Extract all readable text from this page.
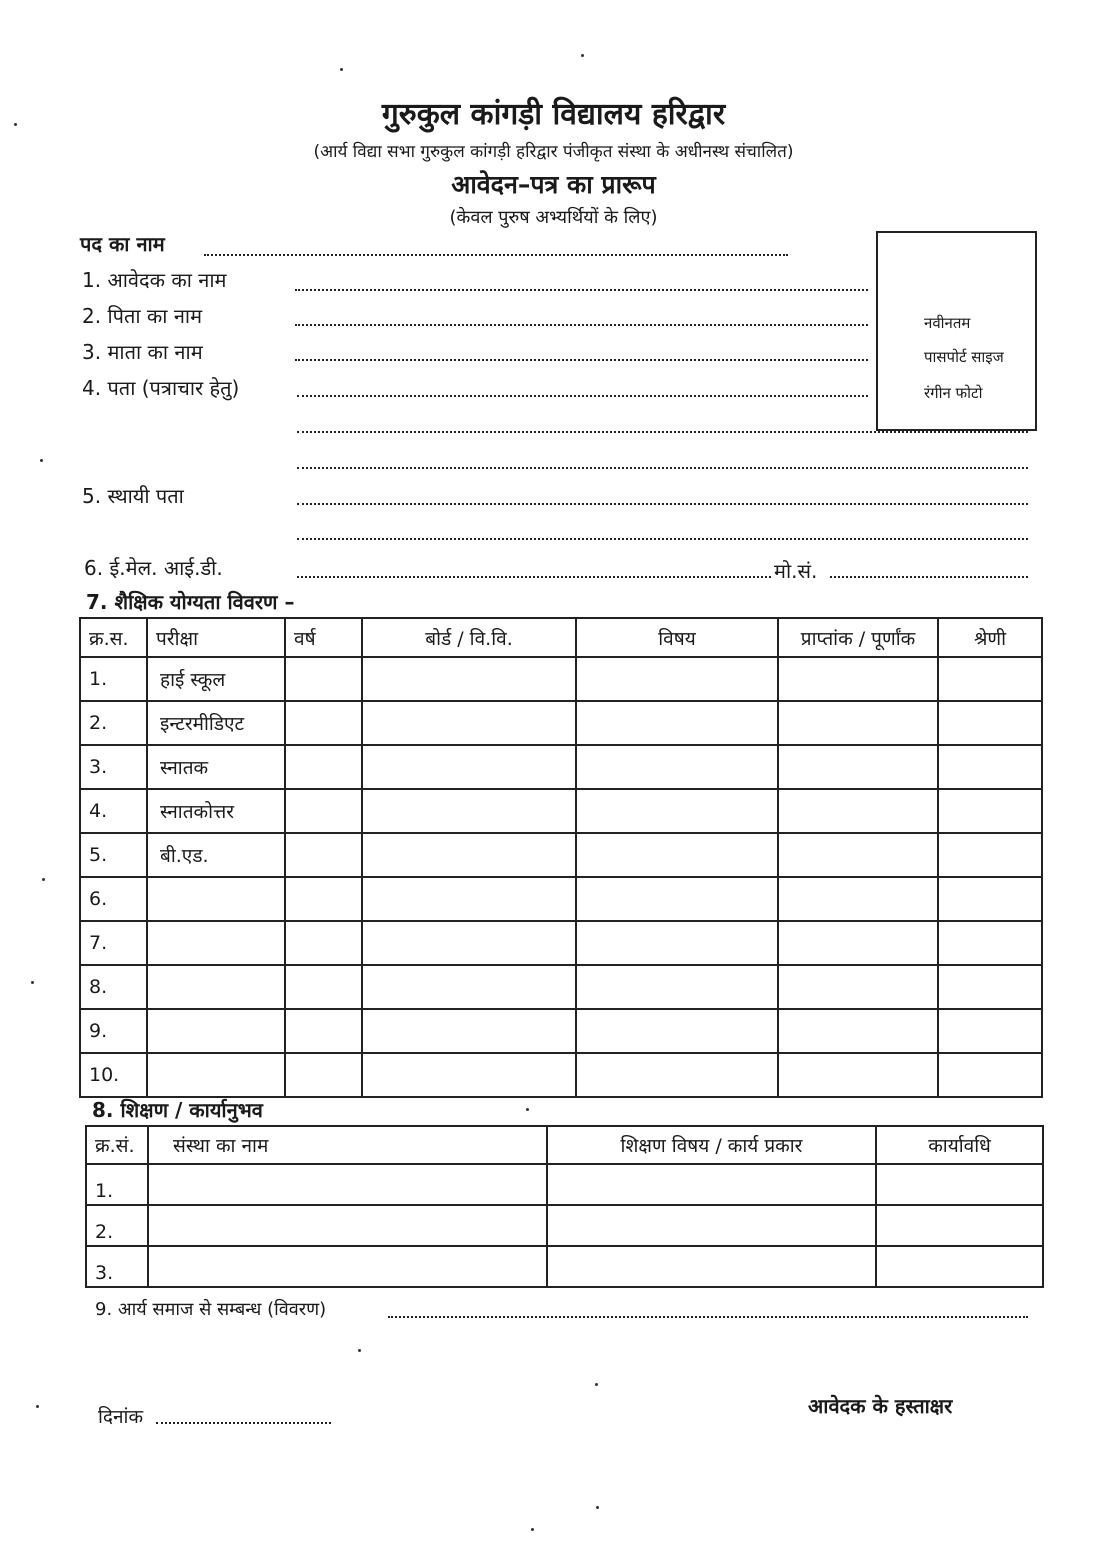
गुरुकुल कांगड़ी विद्यालय हरिद्वार
(आर्य विद्या सभा गुरुकुल कांगड़ी हरिद्वार पंजीकृत संस्था के अधीनस्थ संचालित)
आवेदन–पत्र का प्रारूप
(केवल पुरुष अभ्यर्थियों के लिए)
पद का नाम
1. आवेदक का नाम
2. पिता का नाम
3. माता का नाम
4. पता (पत्राचार हेतु)
5. स्थायी पता
6. ई.मेल. आई.डी.	मो.सं.
नवीनतम
पासपोर्ट साइज
रंगीन फोटो
7. शैक्षिक योग्यता विवरण –
क्र.स.	परीक्षा	वर्ष	बोर्ड / वि.वि.	विषय	प्राप्तांक / पूर्णांक	श्रेणी
1.	हाई स्कूल					
2.	इन्टरमीडिएट					
3.	स्नातक					
4.	स्नातकोत्तर					
5.	बी.एड.					
6.						
7.						
8.						
9.						
10.						
8. शिक्षण / कार्यानुभव
क्र.सं.	संस्था का नाम	शिक्षण विषय / कार्य प्रकार	कार्यावधि
1.			
2.			
3.			
9. आर्य समाज से सम्बन्ध (विवरण)
दिनांक	आवेदक के हस्ताक्षर
